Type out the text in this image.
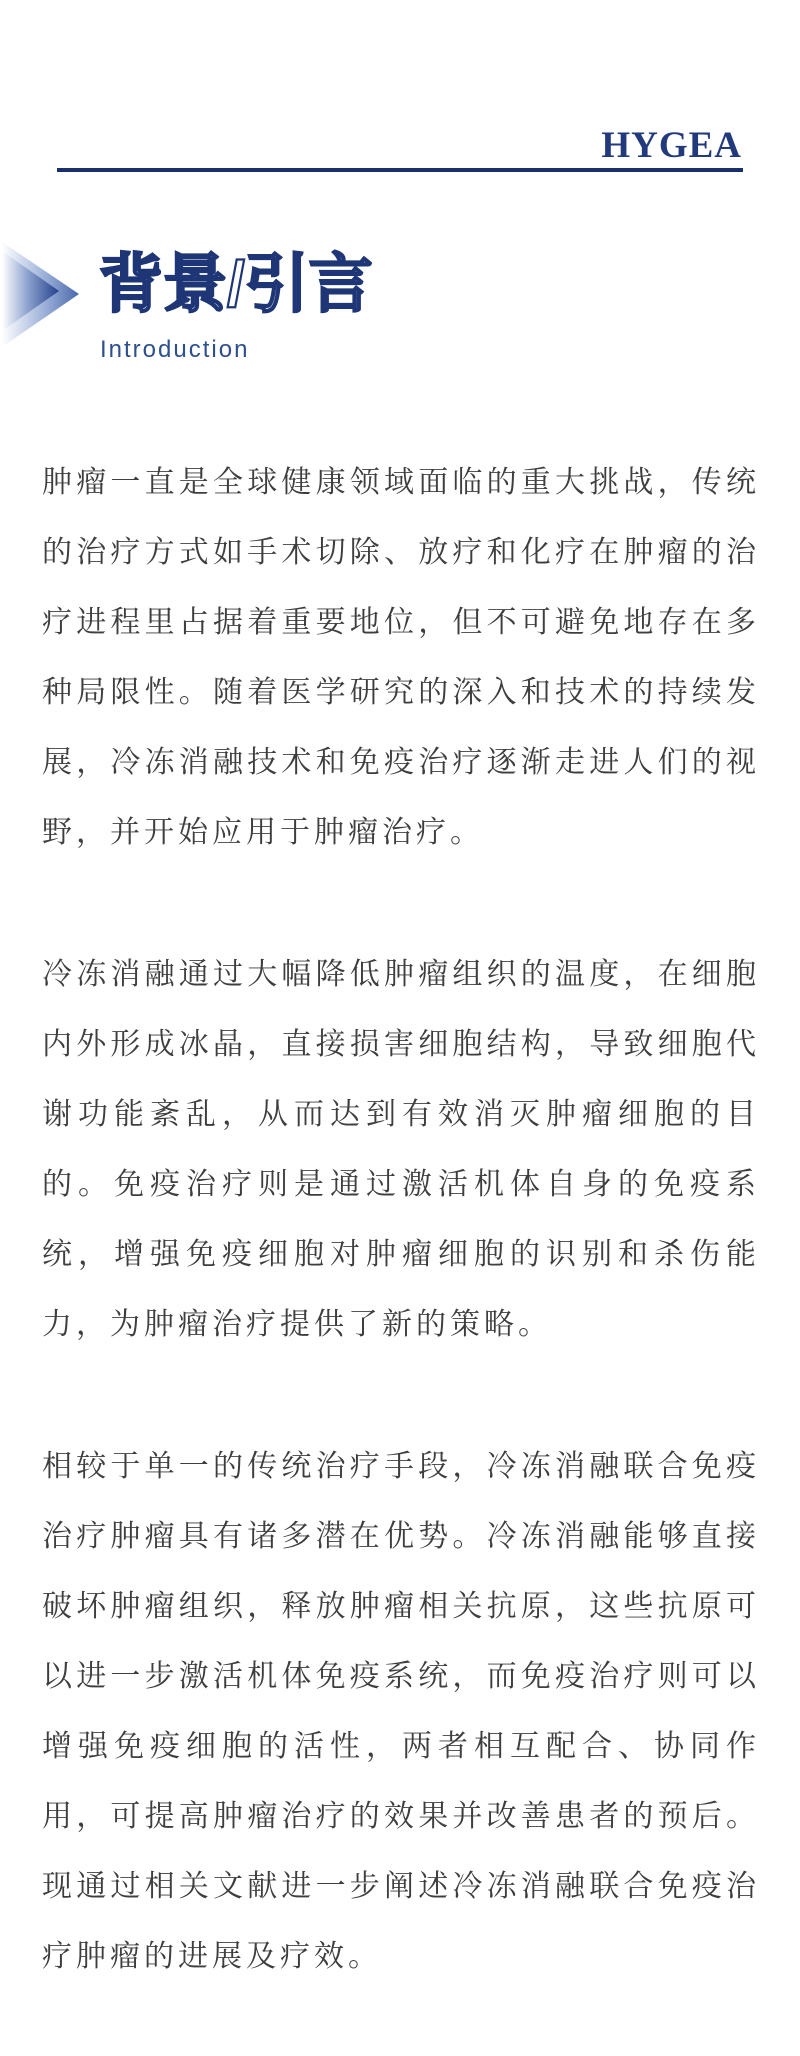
HYGEA
背景/引言
Introduction

肿瘤一直是全球健康领域面临的重大挑战，传统的治疗方式如手术切除、放疗和化疗在肿瘤的治疗进程里占据着重要地位，但不可避免地存在多种局限性。随着医学研究的深入和技术的持续发展，冷冻消融技术和免疫治疗逐渐走进人们的视野，并开始应用于肿瘤治疗。

冷冻消融通过大幅降低肿瘤组织的温度，在细胞内外形成冰晶，直接损害细胞结构，导致细胞代谢功能紊乱，从而达到有效消灭肿瘤细胞的目的。免疫治疗则是通过激活机体自身的免疫系统，增强免疫细胞对肿瘤细胞的识别和杀伤能力，为肿瘤治疗提供了新的策略。

相较于单一的传统治疗手段，冷冻消融联合免疫治疗肿瘤具有诸多潜在优势。冷冻消融能够直接破坏肿瘤组织，释放肿瘤相关抗原，这些抗原可以进一步激活机体免疫系统，而免疫治疗则可以增强免疫细胞的活性，两者相互配合、协同作用，可提高肿瘤治疗的效果并改善患者的预后。现通过相关文献进一步阐述冷冻消融联合免疫治疗肿瘤的进展及疗效。
